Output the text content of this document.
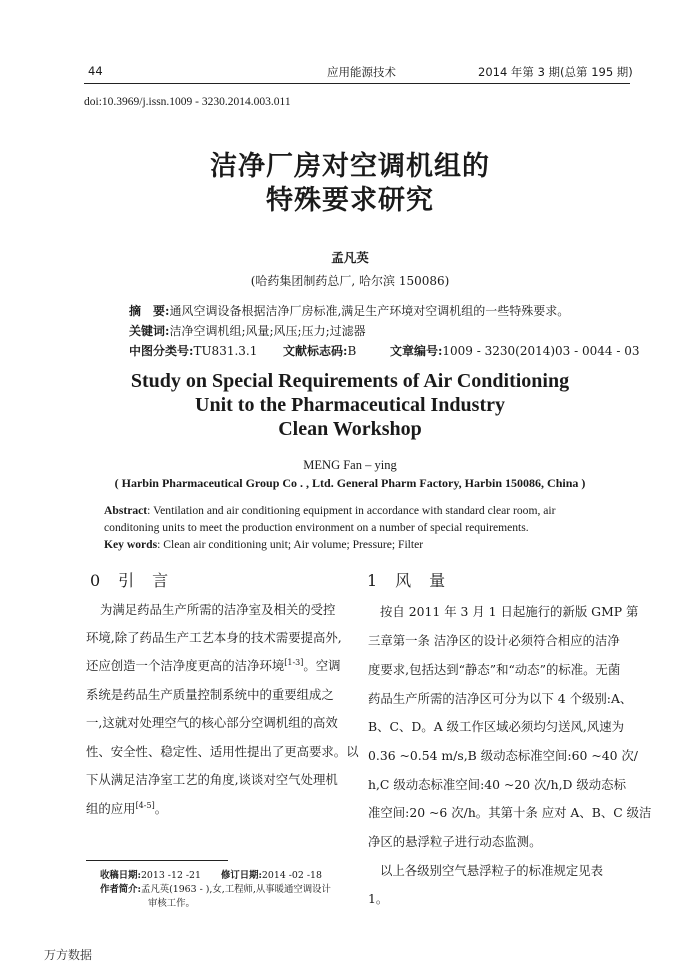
44	应用能源技术	2014 年第 3 期(总第 195 期)
doi:10.3969/j.issn.1009 - 3230.2014.003.011
洁净厂房对空调机组的
特殊要求研究
孟凡英
(哈药集团制药总厂, 哈尔滨 150086)
摘　要:通风空调设备根据洁净厂房标准,满足生产环境对空调机组的一些特殊要求。
关键词:洁净空调机组;风量;风压;压力;过滤器
中图分类号:TU831.3.1 文献标志码:B	文章编号:1009 - 3230(2014)03 - 0044 - 03
Study on Special Requirements of Air Conditioning
Unit to the Pharmaceutical Industry
Clean Workshop
MENG Fan – ying
( Harbin Pharmaceutical Group Co . , Ltd. General Pharm Factory, Harbin 150086, China )
Abstract: Ventilation and air conditioning equipment in accordance with standard clear room, air
conditoning units to meet the production environment on a number of special requirements.
Key words: Clean air conditioning unit; Air volume; Pressure; Filter
0　引　言
为满足药品生产所需的洁净室及相关的受控
环境,除了药品生产工艺本身的技术需要提高外,
还应创造一个洁净度更高的洁净环境[1-3]。空调
系统是药品生产质量控制系统中的重要组成之
一,这就对处理空气的核心部分空调机组的高效
性、安全性、稳定性、适用性提出了更高要求。以
下从满足洁净室工艺的角度,谈谈对空气处理机
组的应用[4-5]。
1　风　量
按自 2011 年 3 月 1 日起施行的新版 GMP 第
三章第一条 洁净区的设计必须符合相应的洁净
度要求,包括达到“静态”和“动态”的标准。无菌
药品生产所需的洁净区可分为以下 4 个级别:A、
B、C、D。A 级工作区域必须均匀送风,风速为
0.36 ~0.54 m/s,B 级动态标准空间:60 ~40 次/
h,C 级动态标准空间:40 ~20 次/h,D 级动态标
准空间:20 ~6 次/h。其第十条 应对 A、B、C 级洁
净区的悬浮粒子进行动态监测。
以上各级别空气悬浮粒子的标准规定见表
1。
收稿日期:2013 -12 -21 修订日期:2014 -02 -18
作者简介:孟凡英(1963 - ),女,工程师,从事暖通空调设计
审核工作。
万方数据
